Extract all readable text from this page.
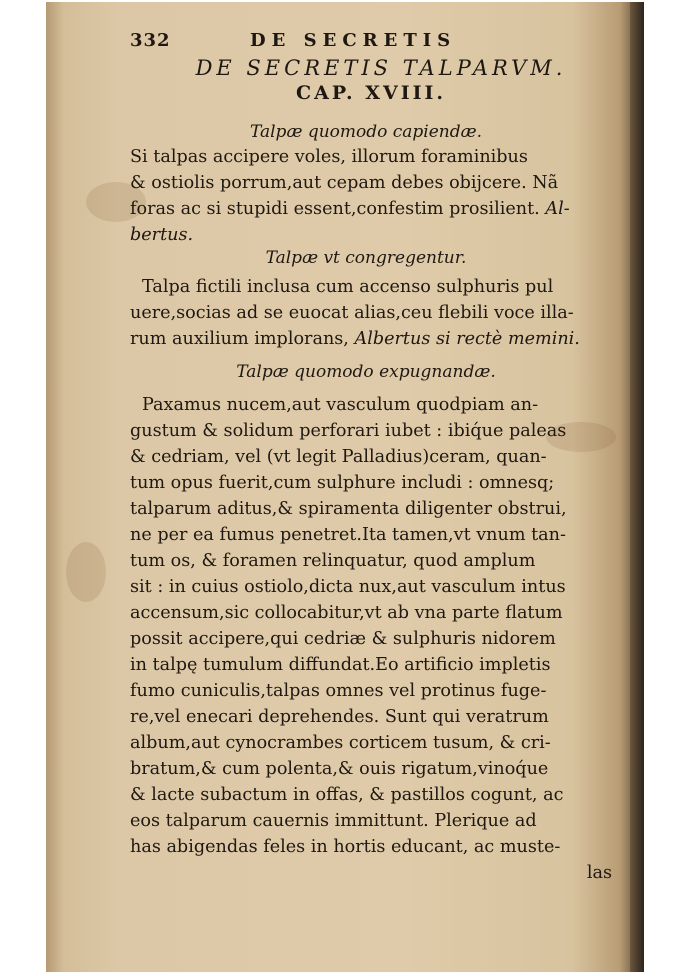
332	DE SECRETIS
DE SECRETIS TALPARVM.
CAP. XVIII.
Talpæ quomodo capiendæ.
Si talpas accipere voles, illorum foraminibus
& ostiolis porrum,aut cepam debes obijcere. Nã
foras ac si stupidi essent,confestim prosilient. Al-
bertus.
Talpæ vt congregentur.
Talpa fictili inclusa cum accenso sulphuris pul
uere,socias ad se euocat alias,ceu flebili voce illa-
rum auxilium implorans, Albertus si rectè memini.
Talpæ quomodo expugnandæ.
Paxamus nucem,aut vasculum quodpiam an-
gustum & solidum perforari iubet : ibiq́ue paleas
& cedriam, vel (vt legit Palladius)ceram, quan-
tum opus fuerit,cum sulphure includi : omnesq;
talparum aditus,& spiramenta diligenter obstrui,
ne per ea fumus penetret.Ita tamen,vt vnum tan-
tum os, & foramen relinquatur, quod amplum
sit : in cuius ostiolo,dicta nux,aut vasculum intus
accensum,sic collocabitur,vt ab vna parte flatum
possit accipere,qui cedriæ & sulphuris nidorem
in talpę tumulum diffundat.Eo artificio impletis
fumo cuniculis,talpas omnes vel protinus fuge-
re,vel enecari deprehendes. Sunt qui veratrum
album,aut cynocrambes corticem tusum, & cri-
bratum,& cum polenta,& ouis rigatum,vinoq́ue
& lacte subactum in offas, & pastillos cogunt, ac
eos talparum cauernis immittunt. Plerique ad
has abigendas feles in hortis educant, ac muste-
las
